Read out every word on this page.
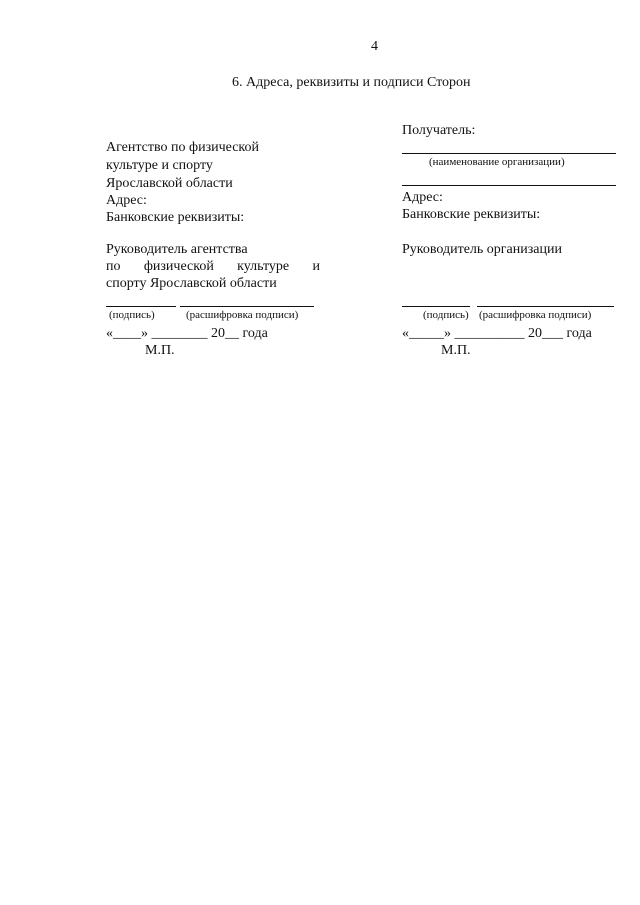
4
6. Адреса, реквизиты и подписи Сторон
Агентство по физической
культуре и спорту
Ярославской области
Адрес:
Банковские реквизиты:
Руководитель агентства
по физической культуре и
спорту Ярославской области
(подпись)	(расшифровка подписи)
«____» ________ 20__ года
М.П.
Получатель:
(наименование организации)
Адрес:
Банковские реквизиты:
Руководитель организации
(подпись) (расшифровка подписи)
«_____» __________ 20___ года
М.П.
